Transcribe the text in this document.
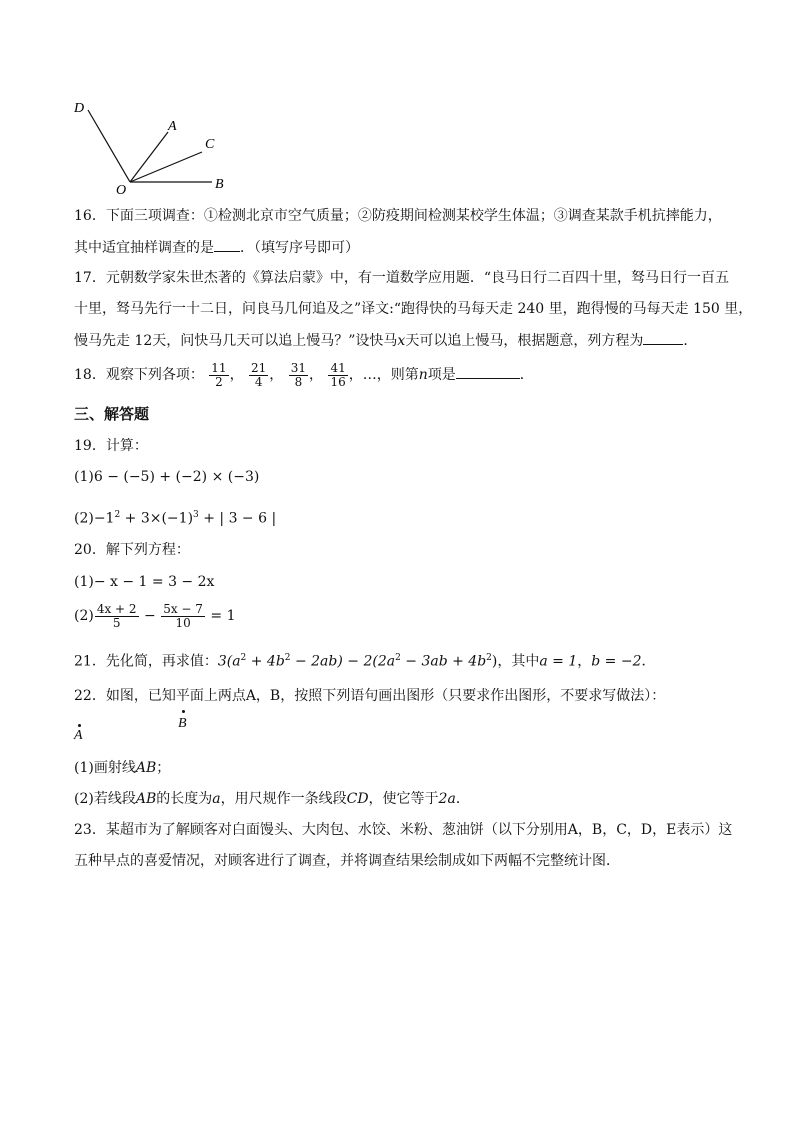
D
A
C
O	B
16．下面三项调查：①检测北京市空气质量；②防疫期间检测某校学生体温；③调查某款手机抗摔能力，
其中适宜抽样调查的是 ．（填写序号即可）
17．元朝数学家朱世杰著的《算法启蒙》中，有一道数学应用题．“良马日行二百四十里，驽马日行一百五
十里，驽马先行一十二日，问良马几何追及之”译文:“跑得快的马每天走 240 里，跑得慢的马每天走 150 里，
慢马先走 12天，问快马几天可以追上慢马？”设快马x天可以追上慢马，根据题意，列方程为	．
18．观察下列各项： $\frac{11}{2}$ ， $\frac{21}{4}$ ， $\frac{31}{8}$ ， $\frac{41}{16}$ ，…，则第n项是	．
三、解答题
19．计算：
(1)6 − (−5) + (−2) × (−3)
$(2)-1^2 + 3\times(-1)^3$ + | 3 − 6 |
20．解下列方程：
(1)− x − 1 = 3 − 2x
$(2) \frac{4x + 2}{5} - \frac{5x - 7}{10} = 1$
21．先化简，再求值：$3(a^2 + 4b^2 - 2ab) - 2(2a^2 - 3ab + 4b^2)$，其中a = 1，b = −2．
22．如图，已知平面上两点A，B，按照下列语句画出图形（只要求作出图形，不要求写做法）：
A
B
(1)画射线AB；
(2)若线段AB的长度为a，用尺规作一条线段CD，使它等于2a．
23．某超市为了解顾客对白面馒头、大肉包、水饺、米粉、葱油饼（以下分别用A，B，C，D，E表示）这
五种早点的喜爱情况，对顾客进行了调查，并将调查结果绘制成如下两幅不完整统计图．
